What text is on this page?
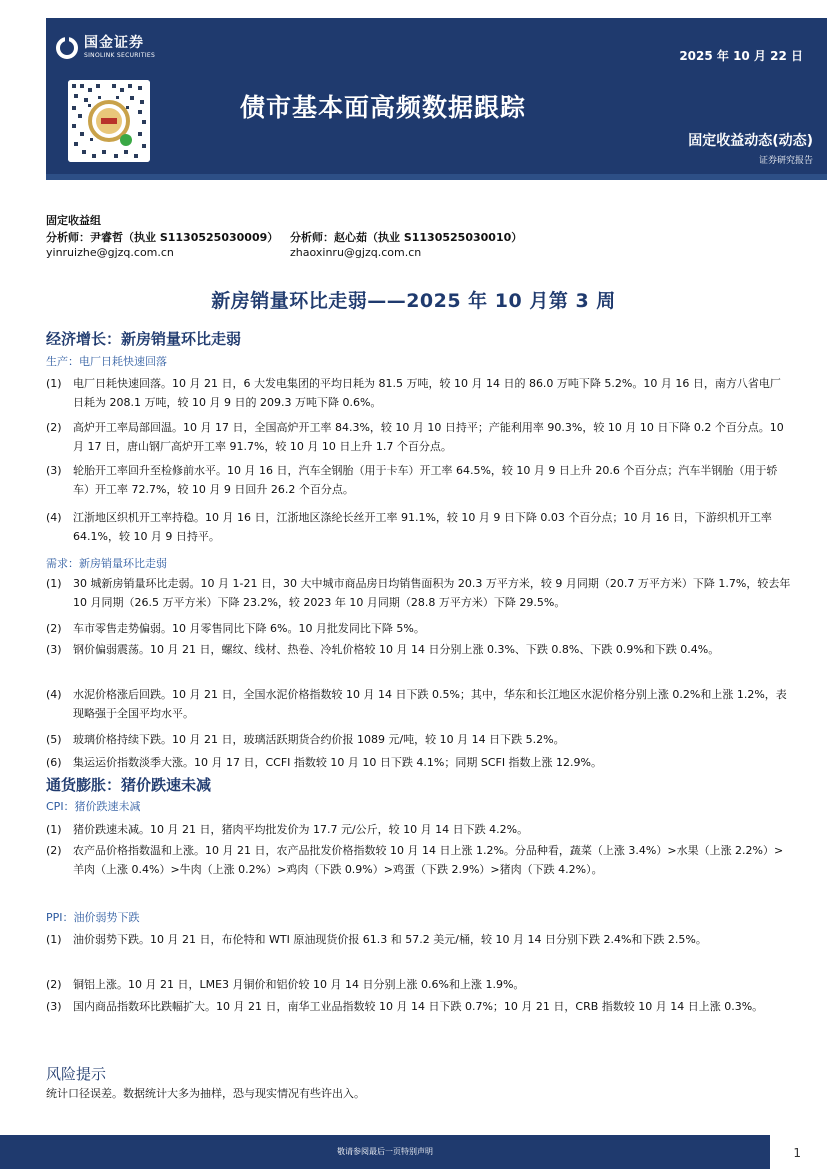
国金证券
SINOLINK SECURITIES	2025 年 10 月 22 日
债市基本面高频数据跟踪
固定收益动态(动态)
证券研究报告
固定收益组
分析师：尹睿哲（执业 S1130525030009） 分析师：赵心茹（执业 S1130525030010）
yinruizhe@gjzq.com.cn	zhaoxinru@gjzq.com.cn
新房销量环比走弱——2025 年 10 月第 3 周
经济增长：新房销量环比走弱
生产：电厂日耗快速回落
(1) 电厂日耗快速回落。10 月 21 日，6 大发电集团的平均日耗为 81.5 万吨，较 10 月 14 日的 86.0 万吨下降 5.2%。10 月 16 日，南方八省电厂日耗为 208.1 万吨，较 10 月 9 日的 209.3 万吨下降 0.6%。
(2) 高炉开工率局部回温。10 月 17 日，全国高炉开工率 84.3%，较 10 月 10 日持平；产能利用率 90.3%，较 10 月 10 日下降 0.2 个百分点。10 月 17 日，唐山钢厂高炉开工率 91.7%，较 10 月 10 日上升 1.7 个百分点。
(3) 轮胎开工率回升至检修前水平。10 月 16 日，汽车全钢胎（用于卡车）开工率 64.5%，较 10 月 9 日上升 20.6 个百分点；汽车半钢胎（用于轿车）开工率 72.7%，较 10 月 9 日回升 26.2 个百分点。
(4) 江浙地区织机开工率持稳。10 月 16 日，江浙地区涤纶长丝开工率 91.1%，较 10 月 9 日下降 0.03 个百分点；10 月 16 日，下游织机开工率 64.1%，较 10 月 9 日持平。
需求：新房销量环比走弱
(1) 30 城新房销量环比走弱。10 月 1-21 日，30 大中城市商品房日均销售面积为 20.3 万平方米，较 9 月同期（20.7 万平方米）下降 1.7%，较去年 10 月同期（26.5 万平方米）下降 23.2%，较 2023 年 10 月同期（28.8 万平方米）下降 29.5%。
(2) 车市零售走势偏弱。10 月零售同比下降 6%。10 月批发同比下降 5%。
(3) 钢价偏弱震荡。10 月 21 日，螺纹、线材、热卷、冷轧价格较 10 月 14 日分别上涨 0.3%、下跌 0.8%、下跌 0.9%和下跌 0.4%。
(4) 水泥价格涨后回跌。10 月 21 日，全国水泥价格指数较 10 月 14 日下跌 0.5%；其中，华东和长江地区水泥价格分别上涨 0.2%和上涨 1.2%，表现略强于全国平均水平。
(5) 玻璃价格持续下跌。10 月 21 日，玻璃活跃期货合约价报 1089 元/吨，较 10 月 14 日下跌 5.2%。
(6) 集运运价指数淡季大涨。10 月 17 日，CCFI 指数较 10 月 10 日下跌 4.1%；同期 SCFI 指数上涨 12.9%。
通货膨胀：猪价跌速未减
CPI：猪价跌速未减
(1) 猪价跌速未减。10 月 21 日，猪肉平均批发价为 17.7 元/公斤，较 10 月 14 日下跌 4.2%。
(2) 农产品价格指数温和上涨。10 月 21 日，农产品批发价格指数较 10 月 14 日上涨 1.2%。分品种看，蔬菜（上涨 3.4%）>水果（上涨 2.2%）>羊肉（上涨 0.4%）>牛肉（上涨 0.2%）>鸡肉（下跌 0.9%）>鸡蛋（下跌 2.9%）>猪肉（下跌 4.2%）。
PPI：油价弱势下跌
(1) 油价弱势下跌。10 月 21 日，布伦特和 WTI 原油现货价报 61.3 和 57.2 美元/桶，较 10 月 14 日分别下跌 2.4%和下跌 2.5%。
(2) 铜铝上涨。10 月 21 日，LME3 月铜价和铝价较 10 月 14 日分别上涨 0.6%和上涨 1.9%。
(3) 国内商品指数环比跌幅扩大。10 月 21 日，南华工业品指数较 10 月 14 日下跌 0.7%；10 月 21 日，CRB 指数较 10 月 14 日上涨 0.3%。
风险提示
统计口径误差。数据统计大多为抽样，恐与现实情况有些许出入。
敬请参阅最后一页特别声明	1
